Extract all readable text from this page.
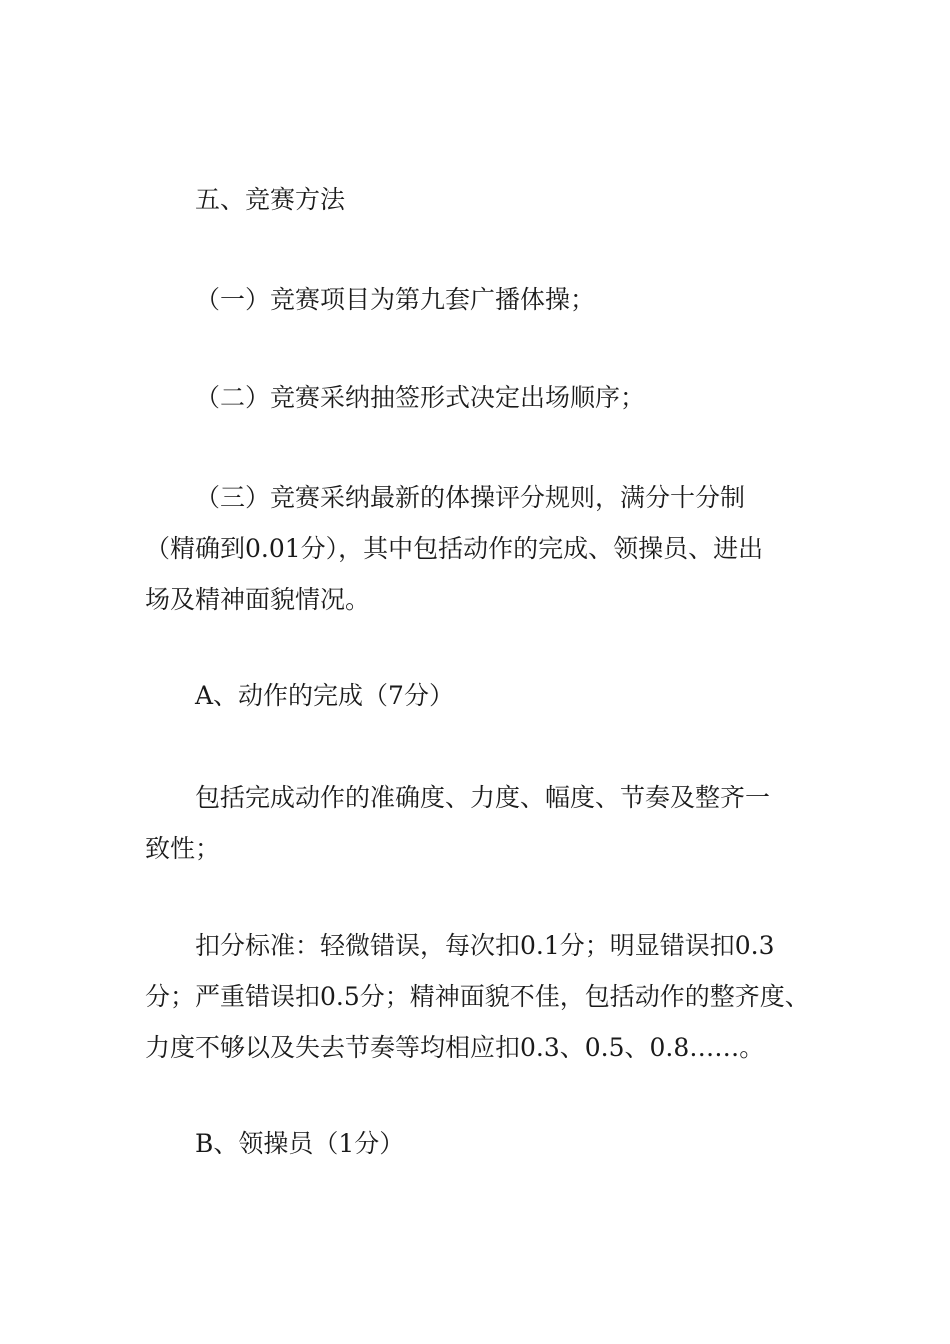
五、竞赛方法

（一）竞赛项目为第九套广播体操；

（二）竞赛采纳抽签形式决定出场顺序；

（三）竞赛采纳最新的体操评分规则，满分十分制
（精确到0.01分），其中包括动作的完成、领操员、进出
场及精神面貌情况。

A、动作的完成（7分）

包括完成动作的准确度、力度、幅度、节奏及整齐一
致性；

扣分标准：轻微错误，每次扣0.1分；明显错误扣0.3
分；严重错误扣0.5分；精神面貌不佳，包括动作的整齐度、
力度不够以及失去节奏等均相应扣0.3、0.5、0.8……。

B、领操员（1分）
